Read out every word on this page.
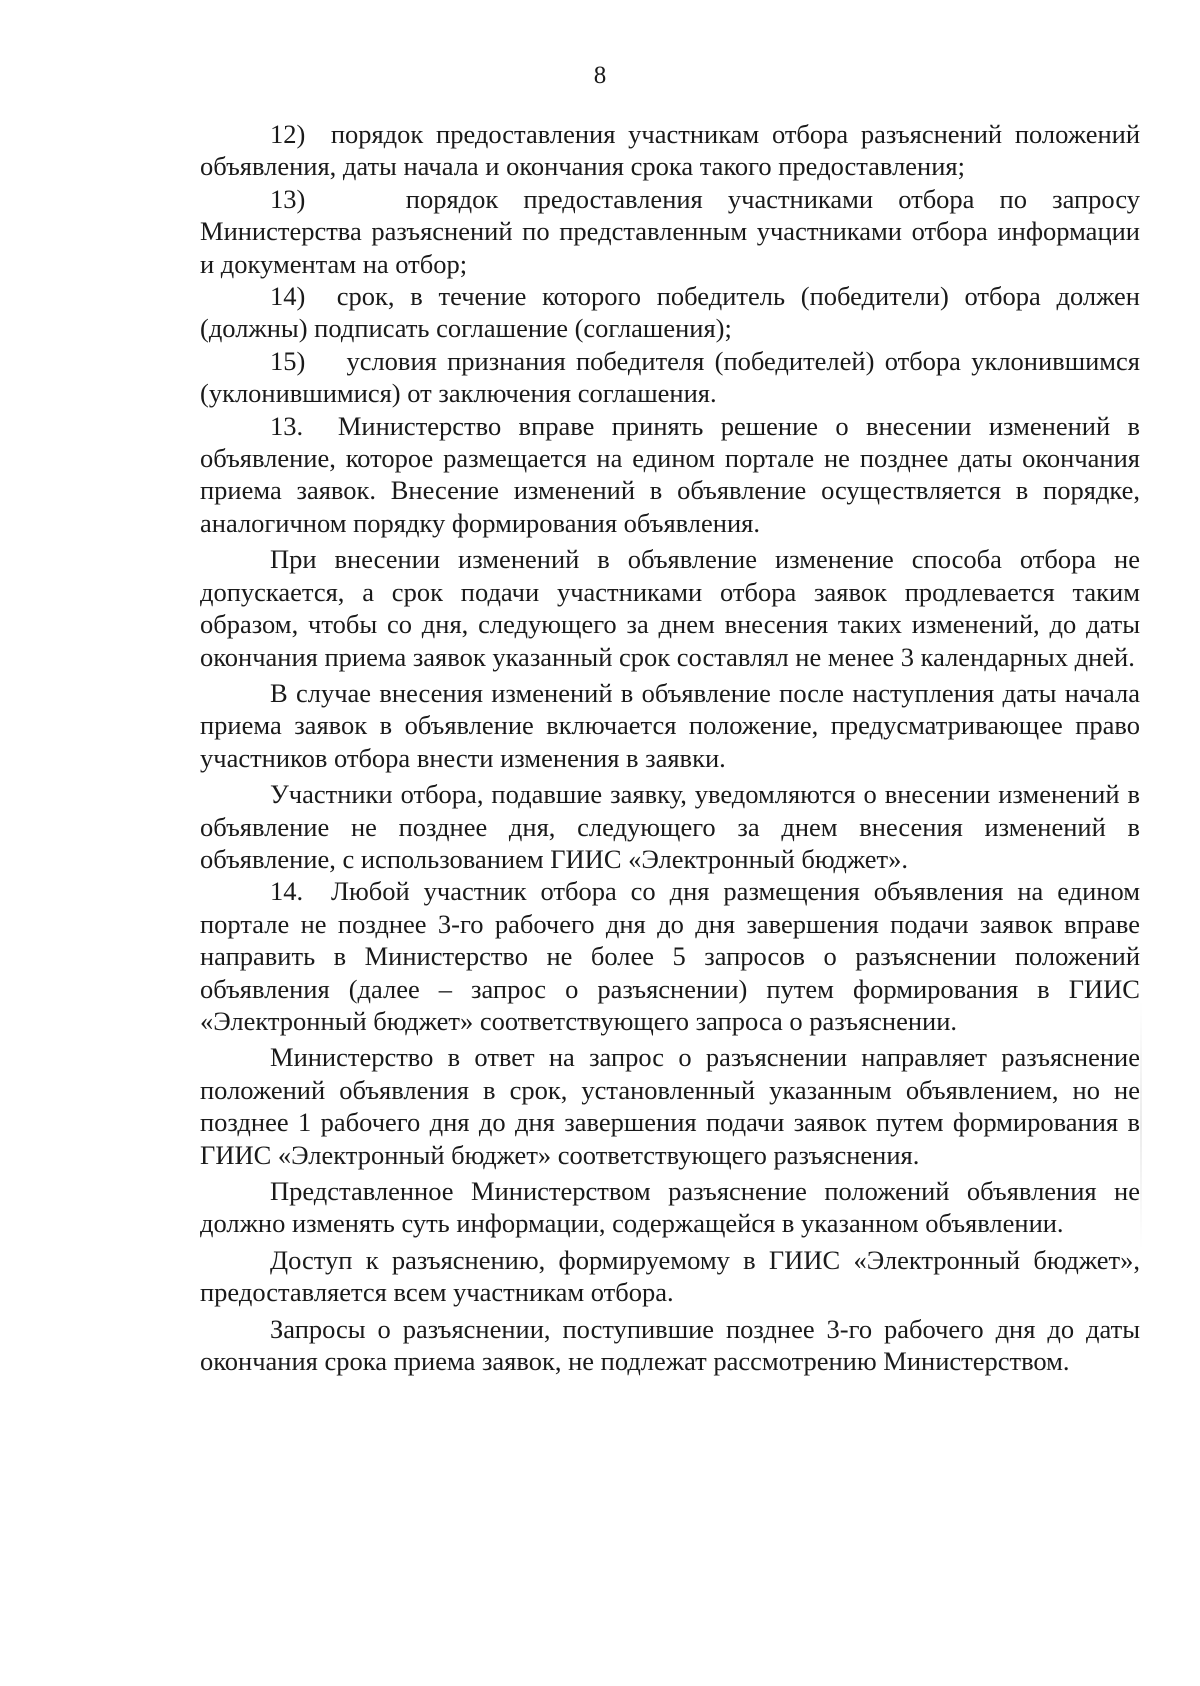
8

12)  порядок предоставления участникам отбора разъяснений положений объявления, даты начала и окончания срока такого предоставления;

13)    порядок предоставления участниками отбора по запросу Министерства разъяснений по представленным участниками отбора информации и документам на отбор;

14)  срок, в течение которого победитель (победители) отбора должен (должны) подписать соглашение (соглашения);

15)    условия признания победителя (победителей) отбора уклонившимся (уклонившимися) от заключения соглашения.

13.  Министерство вправе принять решение о внесении изменений в объявление, которое размещается на едином портале не позднее даты окончания приема заявок. Внесение изменений в объявление осуществляется в порядке, аналогичном порядку формирования объявления.

При внесении изменений в объявление изменение способа отбора не допускается, а срок подачи участниками отбора заявок продлевается таким образом, чтобы со дня, следующего за днем внесения таких изменений, до даты окончания приема заявок указанный срок составлял не менее 3 календарных дней.

В случае внесения изменений в объявление после наступления даты начала приема заявок в объявление включается положение, предусматривающее право участников отбора внести изменения в заявки.

Участники отбора, подавшие заявку, уведомляются о внесении изменений в объявление не позднее дня, следующего за днем внесения изменений в объявление, с использованием ГИИС «Электронный бюджет».

14.  Любой участник отбора со дня размещения объявления на едином портале не позднее 3-го рабочего дня до дня завершения подачи заявок вправе направить в Министерство не более 5 запросов о разъяснении положений объявления (далее – запрос о разъяснении) путем формирования в ГИИС «Электронный бюджет» соответствующего запроса о разъяснении.

Министерство в ответ на запрос о разъяснении направляет разъяснение положений объявления в срок, установленный указанным объявлением, но не позднее 1 рабочего дня до дня завершения подачи заявок путем формирования в ГИИС «Электронный бюджет» соответствующего разъяснения.

Представленное Министерством разъяснение положений объявления не должно изменять суть информации, содержащейся в указанном объявлении.

Доступ к разъяснению, формируемому в ГИИС «Электронный бюджет», предоставляется всем участникам отбора.

Запросы о разъяснении, поступившие позднее 3-го рабочего дня до даты окончания срока приема заявок, не подлежат рассмотрению Министерством.
